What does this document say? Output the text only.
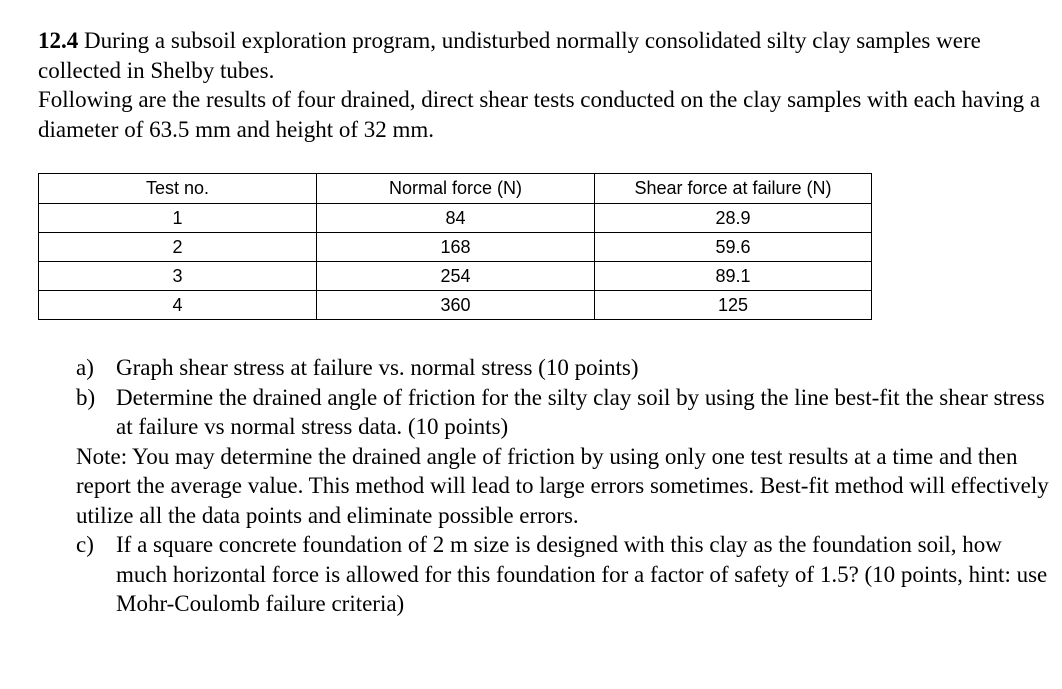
12.4 During a subsoil exploration program, undisturbed normally consolidated silty clay samples were collected in Shelby tubes.

Following are the results of four drained, direct shear tests conducted on the clay samples with each having a diameter of 63.5 mm and height of 32 mm.

Test no.	Normal force (N)	Shear force at failure (N)
1	84	28.9
2	168	59.6
3	254	89.1
4	360	125
a) Graph shear stress at failure vs. normal stress (10 points)
b) Determine the drained angle of friction for the silty clay soil by using the line best-fit the shear stress at failure vs normal stress data. (10 points)

Note: You may determine the drained angle of friction by using only one test results at a time and then report the average value. This method will lead to large errors sometimes. Best-fit method will effectively utilize all the data points and eliminate possible errors.

c) If a square concrete foundation of 2 m size is designed with this clay as the foundation soil, how much horizontal force is allowed for this foundation for a factor of safety of 1.5? (10 points, hint: use Mohr-Coulomb failure criteria)
